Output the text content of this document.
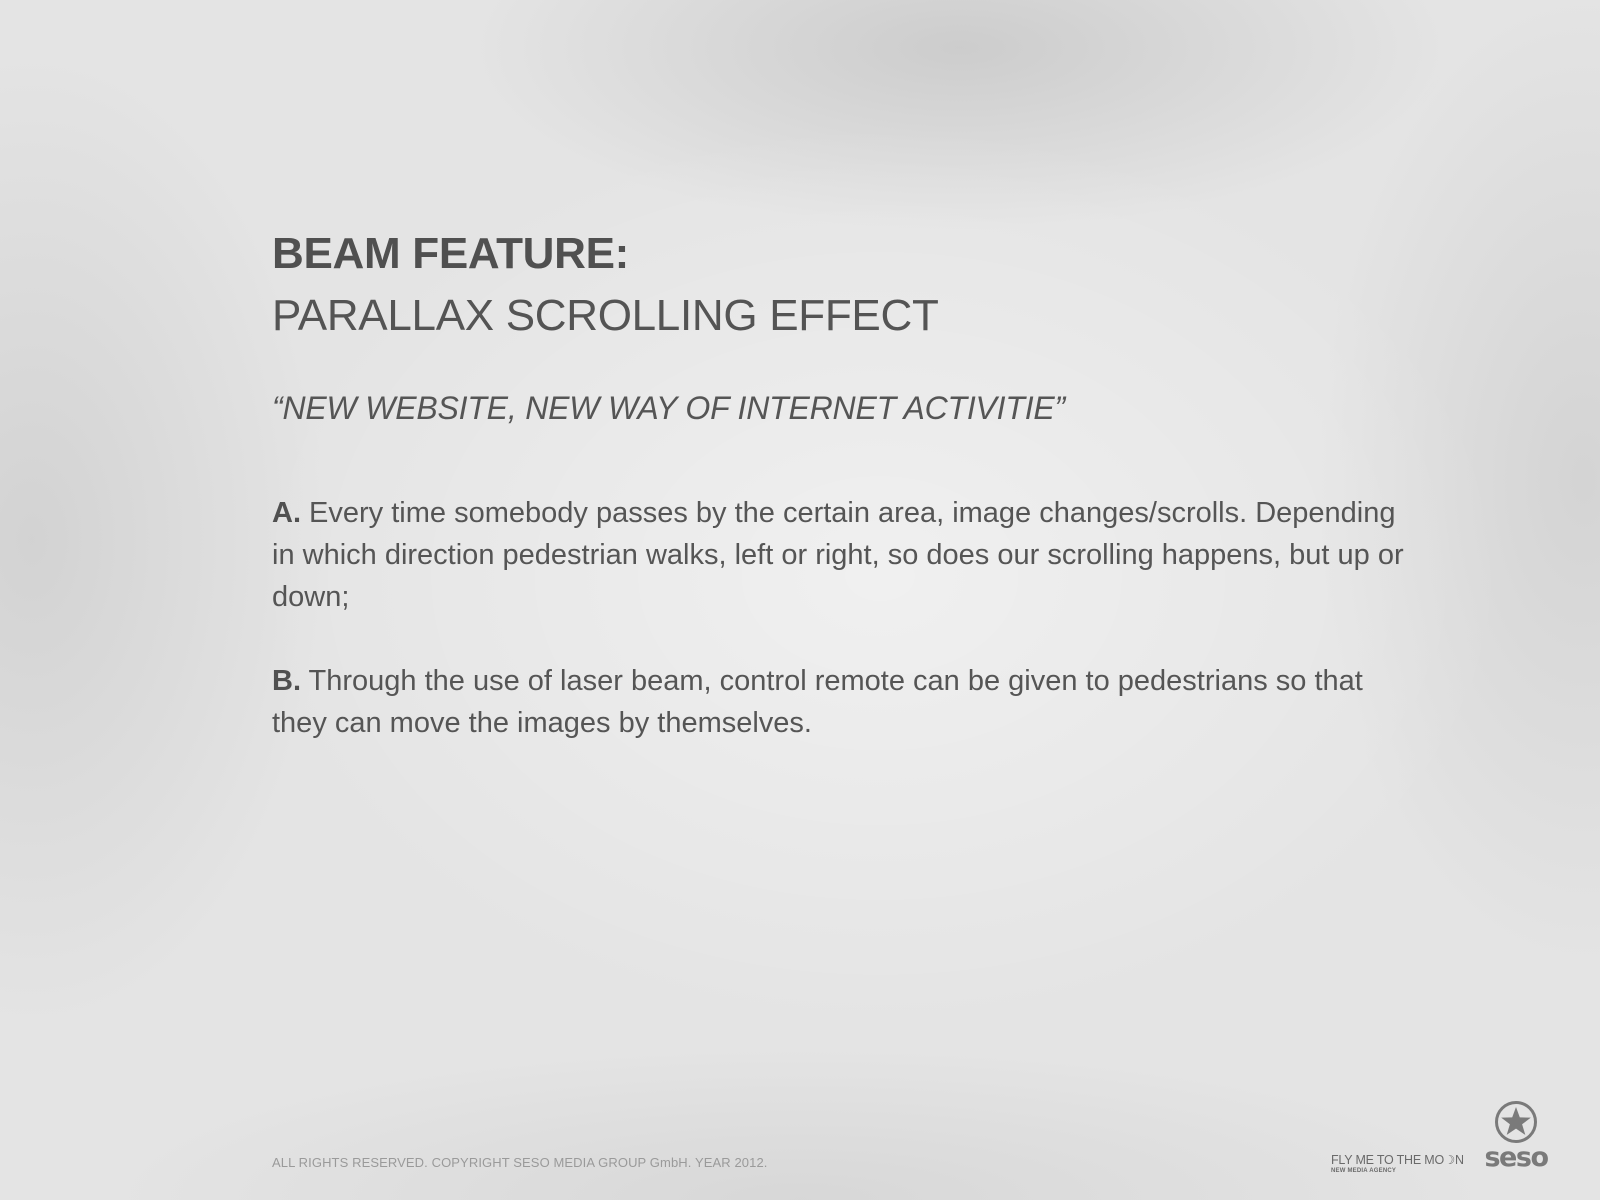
BEAM FEATURE:
PARALLAX SCROLLING EFFECT

“NEW WEBSITE, NEW WAY OF INTERNET ACTIVITIE”

A. Every time somebody passes by the certain area, image changes/scrolls. Depending in which direction pedestrian walks, left or right, so does our scrolling happens, but up or down;

B. Through the use of laser beam, control remote can be given to pedestrians so that they can move the images by themselves.

ALL RIGHTS RESERVED. COPYRIGHT SESO MEDIA GROUP GmbH. YEAR 2012.	FLY ME TO THE MO☽N
NEW MEDIA AGENCY	seso
